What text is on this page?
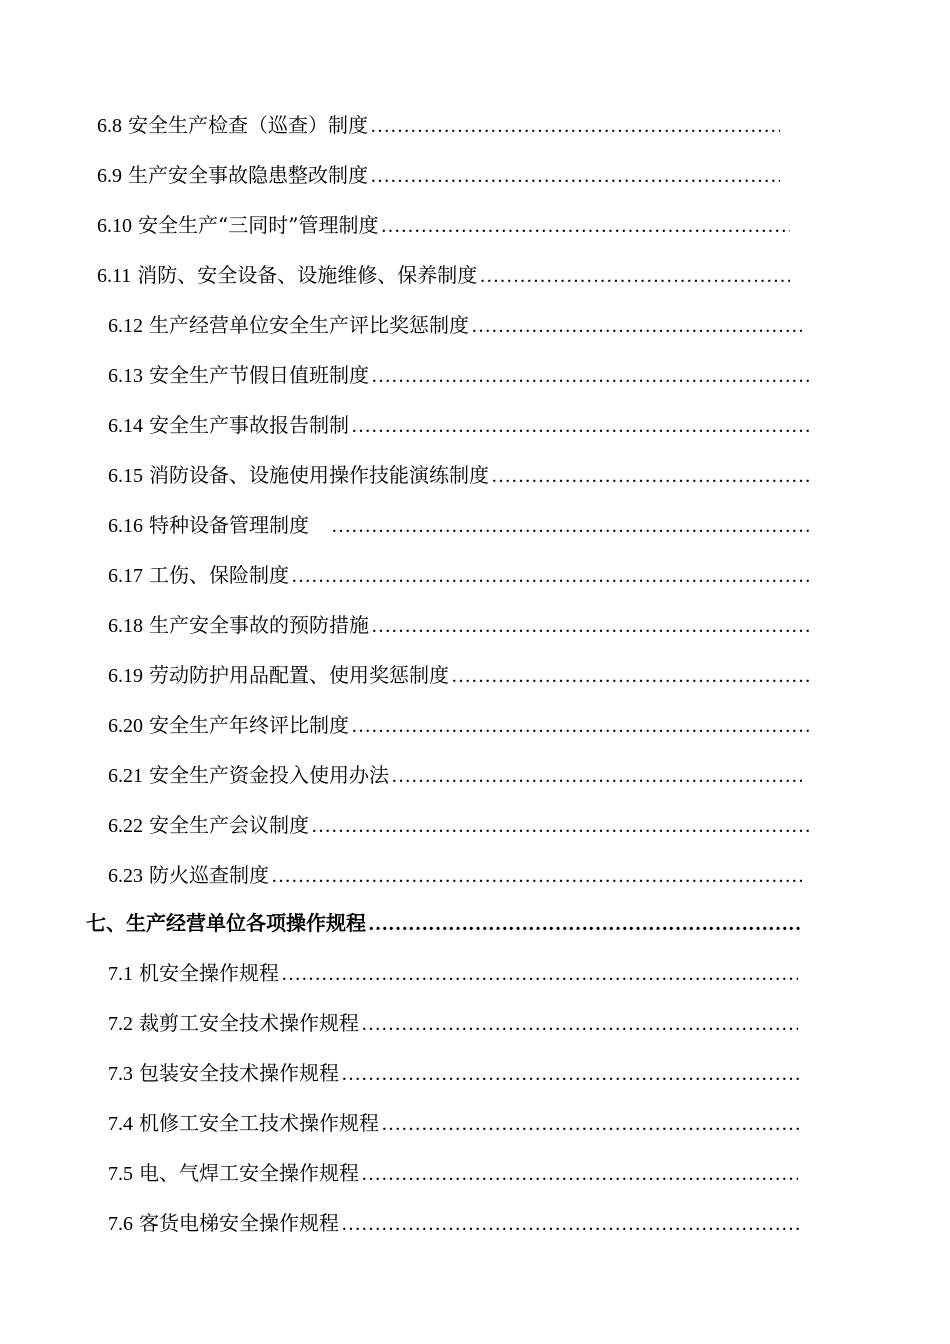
6.8 安全生产检查（巡查）制度
……………………………………………………………………………………………………………………………………………………
6.9 生产安全事故隐患整改制度
……………………………………………………………………………………………………………………………………………………
6.10 安全生产“三同时”管理制度
……………………………………………………………………………………………………………………………………………………
6.11 消防、安全设备、设施维修、保养制度
……………………………………………………………………………………………………………………………………………………
6.12 生产经营单位安全生产评比奖惩制度
……………………………………………………………………………………………………………………………………………………
6.13 安全生产节假日值班制度
……………………………………………………………………………………………………………………………………………………
6.14 安全生产事故报告制制
……………………………………………………………………………………………………………………………………………………
6.15 消防设备、设施使用操作技能演练制度
……………………………………………………………………………………………………………………………………………………
6.16 特种设备管理制度
……………………………………………………………………………………………………………………………………………………
6.17 工伤、保险制度
……………………………………………………………………………………………………………………………………………………
6.18 生产安全事故的预防措施
……………………………………………………………………………………………………………………………………………………
6.19 劳动防护用品配置、使用奖惩制度
……………………………………………………………………………………………………………………………………………………
6.20 安全生产年终评比制度
……………………………………………………………………………………………………………………………………………………
6.21 安全生产资金投入使用办法
……………………………………………………………………………………………………………………………………………………
6.22 安全生产会议制度
……………………………………………………………………………………………………………………………………………………
6.23 防火巡查制度
……………………………………………………………………………………………………………………………………………………
七、生产经营单位各项操作规程
……………………………………………………………………………………………………………………………………………………
7.1 机安全操作规程
……………………………………………………………………………………………………………………………………………………
7.2 裁剪工安全技术操作规程
……………………………………………………………………………………………………………………………………………………
7.3 包装安全技术操作规程
……………………………………………………………………………………………………………………………………………………
7.4 机修工安全工技术操作规程
……………………………………………………………………………………………………………………………………………………
7.5 电、气焊工安全操作规程
……………………………………………………………………………………………………………………………………………………
7.6 客货电梯安全操作规程
……………………………………………………………………………………………………………………………………………………
